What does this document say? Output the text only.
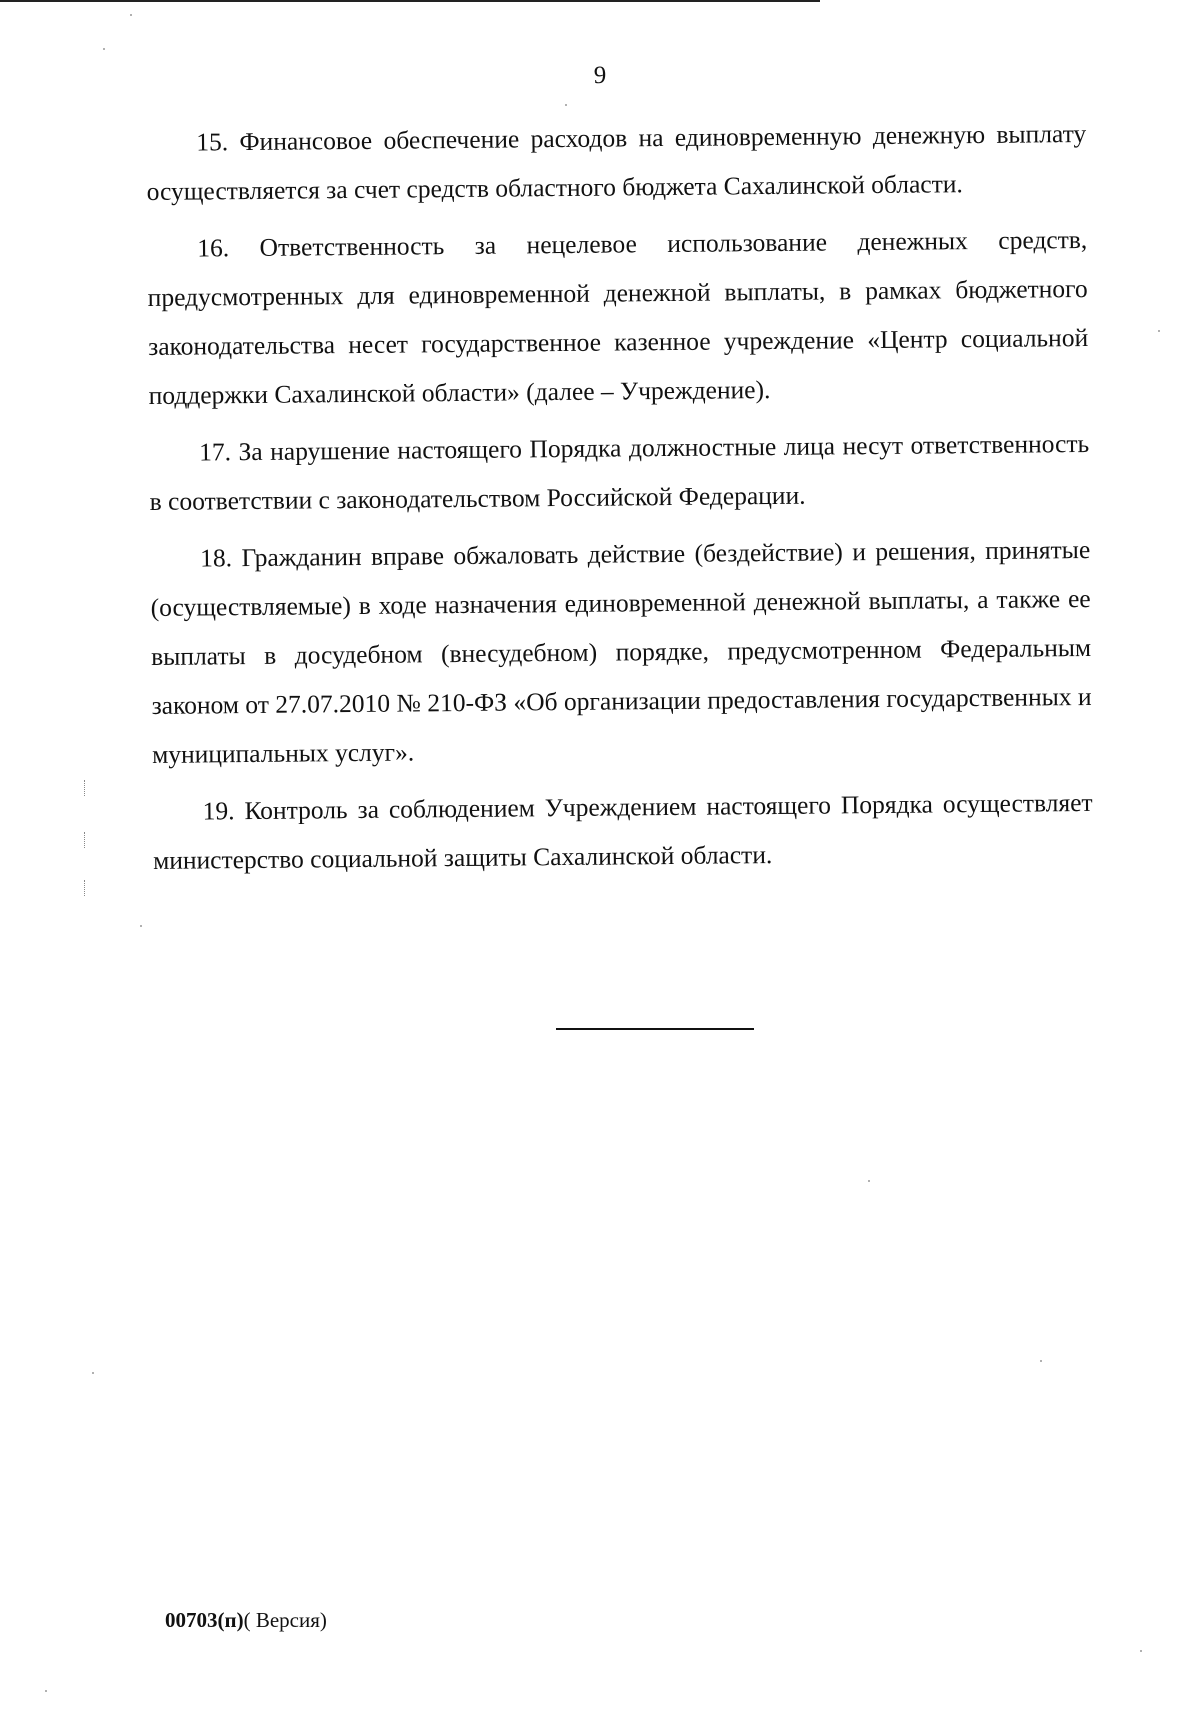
9

15. Финансовое обеспечение расходов на единовременную денежную выплату осуществляется за счет средств областного бюджета Сахалинской области.

16. Ответственность за нецелевое использование денежных средств, предусмотренных для единовременной денежной выплаты, в рамках бюджетного законодательства несет государственное казенное учреждение «Центр социальной поддержки Сахалинской области» (далее – Учреждение).

17. За нарушение настоящего Порядка должностные лица несут ответственность в соответствии с законодательством Российской Федерации.

18. Гражданин вправе обжаловать действие (бездействие) и решения, принятые (осуществляемые) в ходе назначения единовременной денежной выплаты, а также ее выплаты в досудебном (внесудебном) порядке, предусмотренном Федеральным законом от 27.07.2010 № 210-ФЗ «Об организации предоставления государственных и муниципальных услуг».

19. Контроль за соблюдением Учреждением настоящего Порядка осуществляет министерство социальной защиты Сахалинской области.

00703(п)( Версия)
